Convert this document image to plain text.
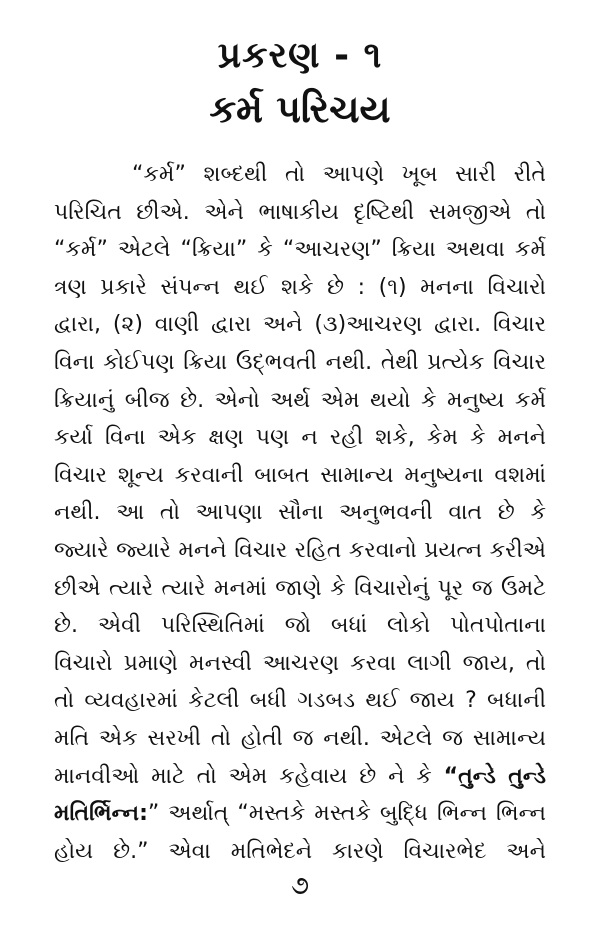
પ્રકરણ - ૧
કર્મ પરિચય
“કર્મ” શબ્દથી તો આપણે ખૂબ સારી રીતે
પરિચિત છીએ. એને ભાષાકીય દૃષ્ટિથી સમજીએ તો
“કર્મ” એટલે “ક્રિયા” કે “આચરણ” ક્રિયા અથવા કર્મ
ત્રણ પ્રકારે સંપન્ન થઈ શકે છે : (૧) મનના વિચારો
દ્વારા, (૨) વાણી દ્વારા અને (૩)આચરણ દ્વારા. વિચાર
વિના કોઈપણ ક્રિયા ઉદ્‌ભવતી નથી. તેથી પ્રત્યેક વિચાર
ક્રિયાનું બીજ છે. એનો અર્થ એમ થયો કે મનુષ્ય કર્મ
કર્યા વિના એક ક્ષણ પણ ન રહી શકે, કેમ કે મનને
વિચાર શૂન્ય કરવાની બાબત સામાન્ય મનુષ્યના વશમાં
નથી. આ તો આપણા સૌના અનુભવની વાત છે કે
જ્યારે જ્યારે મનને વિચાર રહિત કરવાનો પ્રયત્ન કરીએ
છીએ ત્યારે ત્યારે મનમાં જાણે કે વિચારોનું પૂર જ ઉમટે
છે. એવી પરિસ્થિતિમાં જો બધાં લોકો પોતપોતાના
વિચારો પ્રમાણે મનસ્વી આચરણ કરવા લાગી જાય, તો
તો વ્યવહારમાં કેટલી બધી ગડબડ થઈ જાય ? બધાની
મતિ એક સરખી તો હોતી જ નથી. એટલે જ સામાન્ય
માનવીઓ માટે તો એમ કહેવાય છે ને કે “તુન્ડે તુન્ડે
મતિર્ભિન્ન:” અર્થાત્ “મસ્તકે મસ્તકે બુદ્ધિ ભિન્ન ભિન્ન
હોય છે.” એવા મતિભેદને કારણે વિચારભેદ અને
૭
